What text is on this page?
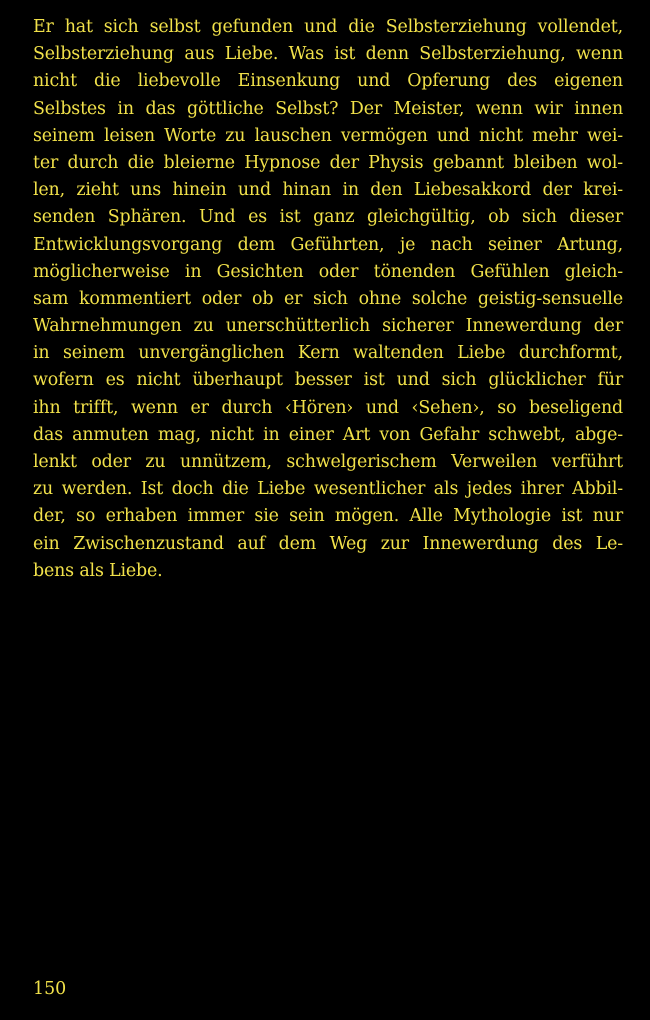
Er hat sich selbst gefunden und die Selbsterziehung vollendet,
Selbsterziehung aus Liebe. Was ist denn Selbsterziehung, wenn
nicht die liebevolle Einsenkung und Opferung des eigenen
Selbstes in das göttliche Selbst? Der Meister, wenn wir innen
seinem leisen Worte zu lauschen vermögen und nicht mehr wei-
ter durch die bleierne Hypnose der Physis gebannt bleiben wol-
len, zieht uns hinein und hinan in den Liebesakkord der krei-
senden Sphären. Und es ist ganz gleichgültig, ob sich dieser
Entwicklungsvorgang dem Geführten, je nach seiner Artung,
möglicherweise in Gesichten oder tönenden Gefühlen gleich-
sam kommentiert oder ob er sich ohne solche geistig-sensuelle
Wahrnehmungen zu unerschütterlich sicherer Innewerdung der
in seinem unvergänglichen Kern waltenden Liebe durchformt,
wofern es nicht überhaupt besser ist und sich glücklicher für
ihn trifft, wenn er durch ‹Hören› und ‹Sehen›, so beseligend
das anmuten mag, nicht in einer Art von Gefahr schwebt, abge-
lenkt oder zu unnützem, schwelgerischem Verweilen verführt
zu werden. Ist doch die Liebe wesentlicher als jedes ihrer Abbil-
der, so erhaben immer sie sein mögen. Alle Mythologie ist nur
ein Zwischenzustand auf dem Weg zur Innewerdung des Le-
bens als Liebe.
150
